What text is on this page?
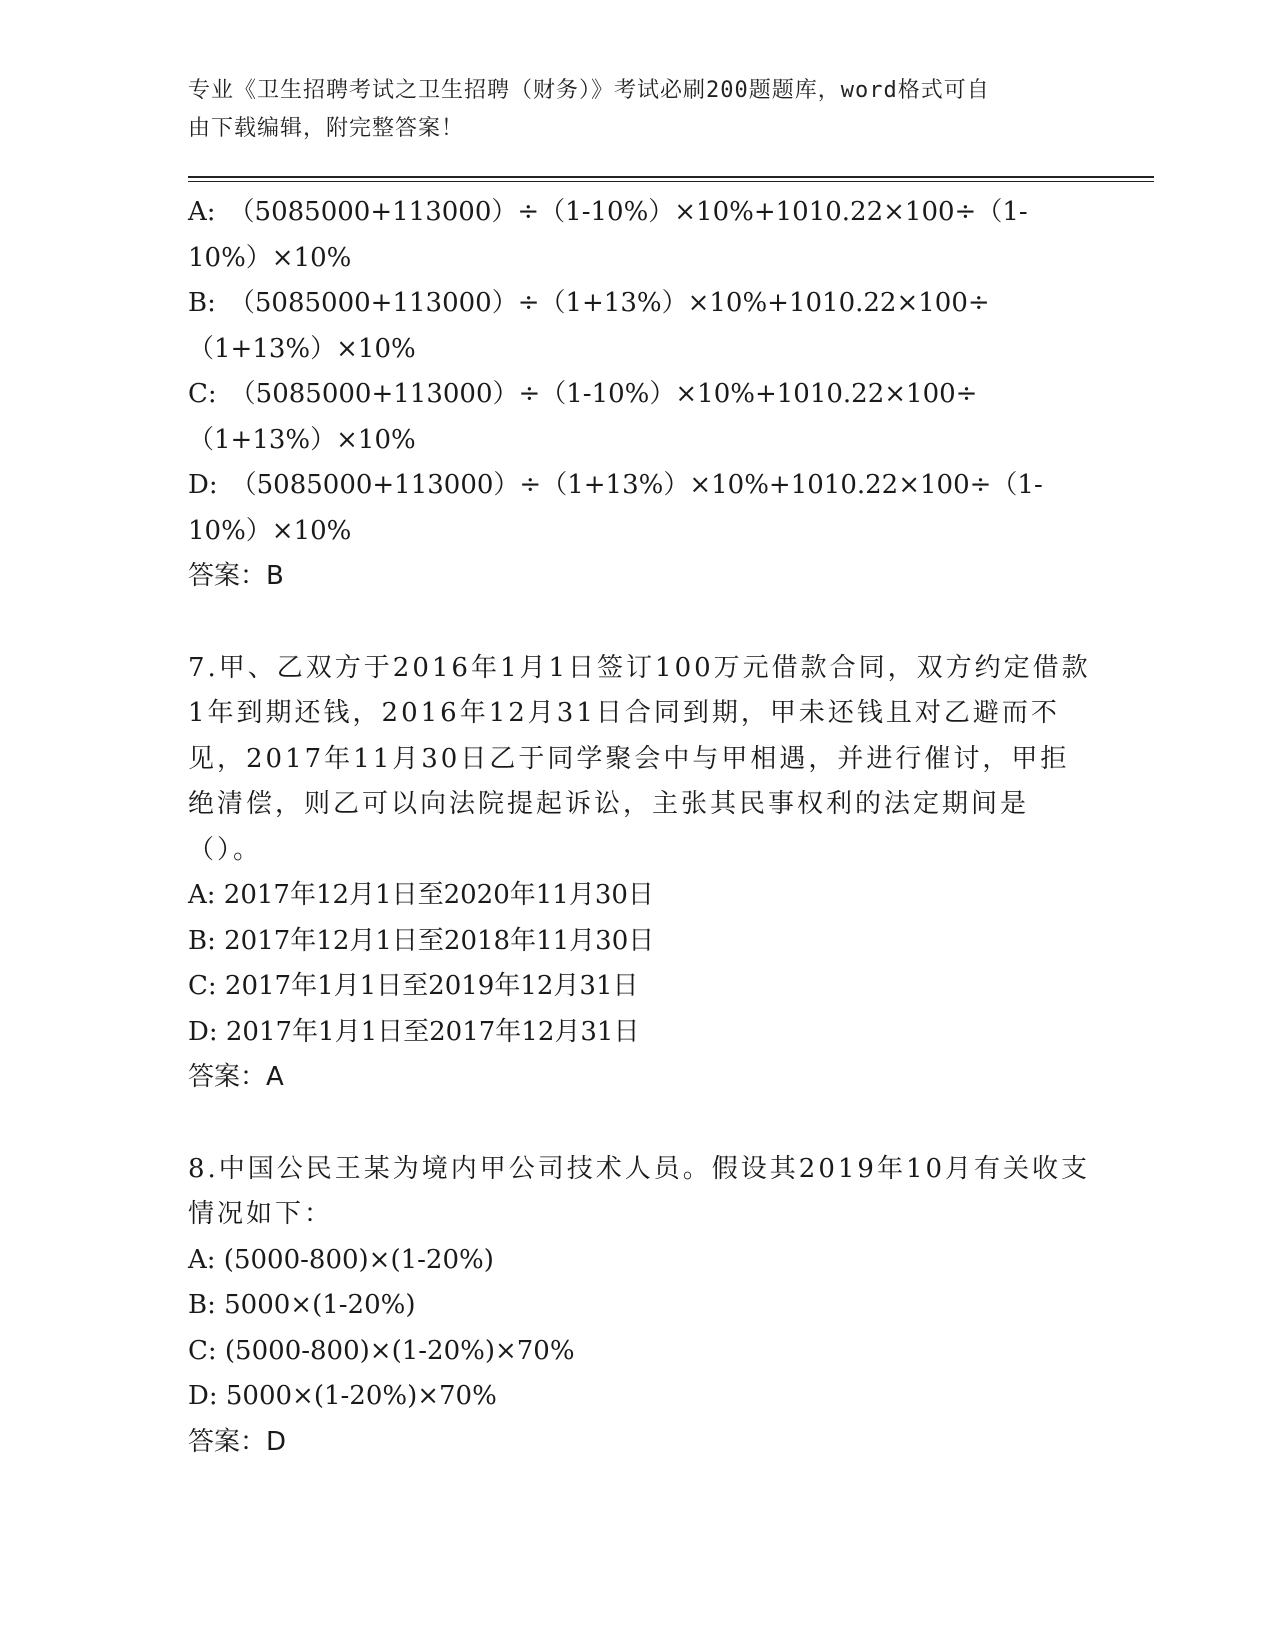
专业《卫生招聘考试之卫生招聘（财务）》考试必刷200题题库，word格式可自
由下载编辑，附完整答案！

A:　（5085000+113000）÷（1-10%）×10%+1010.22×100÷（1-10%）×10%

B:　（5085000+113000）÷（1+13%）×10%+1010.22×100÷（1+13%）×10%

C:　（5085000+113000）÷（1-10%）×10%+1010.22×100÷（1+13%）×10%

D:　（5085000+113000）÷（1+13%）×10%+1010.22×100÷（1-10%）×10%

答案：B

7.甲、乙双方于2016年1月1日签订100万元借款合同，双方约定借款1年到期还钱，2016年12月31日合同到期，甲未还钱且对乙避而不见，2017年11月30日乙于同学聚会中与甲相遇，并进行催讨，甲拒绝清偿，则乙可以向法院提起诉讼，主张其民事权利的法定期间是（）。

A: 2017年12月1日至2020年11月30日

B: 2017年12月1日至2018年11月30日

C: 2017年1月1日至2019年12月31日

D: 2017年1月1日至2017年12月31日

答案：A

8.中国公民王某为境内甲公司技术人员。假设其2019年10月有关收支情况如下：

A: (5000-800)×(1-20%)

B: 5000×(1-20%)

C: (5000-800)×(1-20%)×70%

D: 5000×(1-20%)×70%

答案：D
